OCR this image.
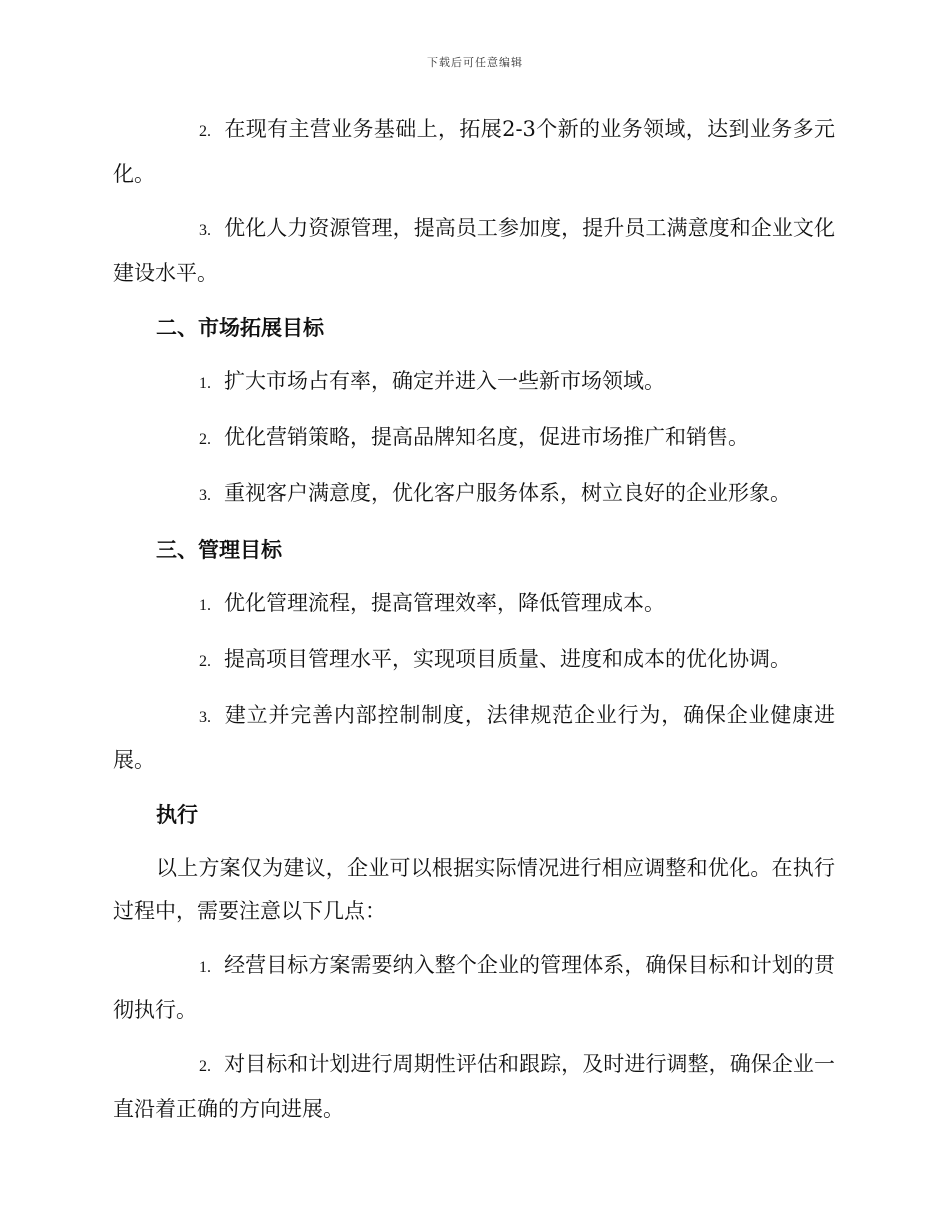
下载后可任意编辑

2. 在现有主营业务基础上，拓展2-3个新的业务领域，达到业务多元化。

3. 优化人力资源管理，提高员工参加度，提升员工满意度和企业文化建设水平。

二、市场拓展目标

1. 扩大市场占有率，确定并进入一些新市场领域。

2. 优化营销策略，提高品牌知名度，促进市场推广和销售。

3. 重视客户满意度，优化客户服务体系，树立良好的企业形象。

三、管理目标

1. 优化管理流程，提高管理效率，降低管理成本。

2. 提高项目管理水平，实现项目质量、进度和成本的优化协调。

3. 建立并完善内部控制制度，法律规范企业行为，确保企业健康进展。

执行

以上方案仅为建议，企业可以根据实际情况进行相应调整和优化。在执行过程中，需要注意以下几点：

1. 经营目标方案需要纳入整个企业的管理体系，确保目标和计划的贯彻执行。

2. 对目标和计划进行周期性评估和跟踪，及时进行调整，确保企业一直沿着正确的方向进展。
